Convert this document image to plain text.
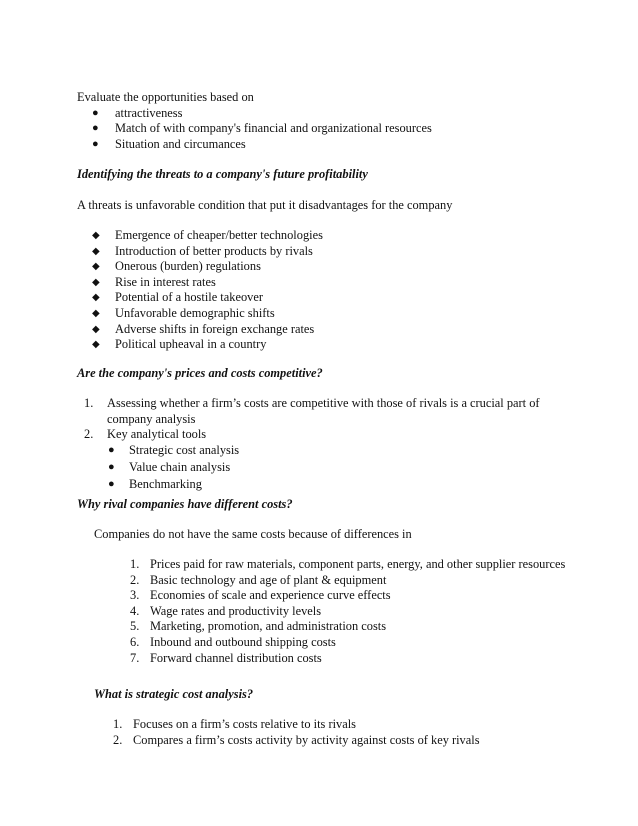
Evaluate the opportunities based on
● attractiveness
● Match of with company's financial and organizational resources
● Situation and circumances
Identifying the threats to a company's future profitability
A threats is unfavorable condition that put it disadvantages for the company
◆ Emergence of cheaper/better technologies
◆ Introduction of better products by rivals
◆ Onerous (burden) regulations
◆ Rise in interest rates
◆ Potential of a hostile takeover
◆ Unfavorable demographic shifts
◆ Adverse shifts in foreign exchange rates
◆ Political upheaval in a country
Are the company's prices and costs competitive?
1. Assessing whether a firm’s costs are competitive with those of rivals is a crucial part of company analysis
2. Key analytical tools
● Strategic cost analysis
● Value chain analysis
● Benchmarking
Why rival companies have different costs?
Companies do not have the same costs because of differences in
1. Prices paid for raw materials, component parts, energy, and other supplier resources
2. Basic technology and age of plant & equipment
3. Economies of scale and experience curve effects
4. Wage rates and productivity levels
5. Marketing, promotion, and administration costs
6. Inbound and outbound shipping costs
7. Forward channel distribution costs
What is strategic cost analysis?
1. Focuses on a firm’s costs relative to its rivals
2. Compares a firm’s costs activity by activity against costs of key rivals
